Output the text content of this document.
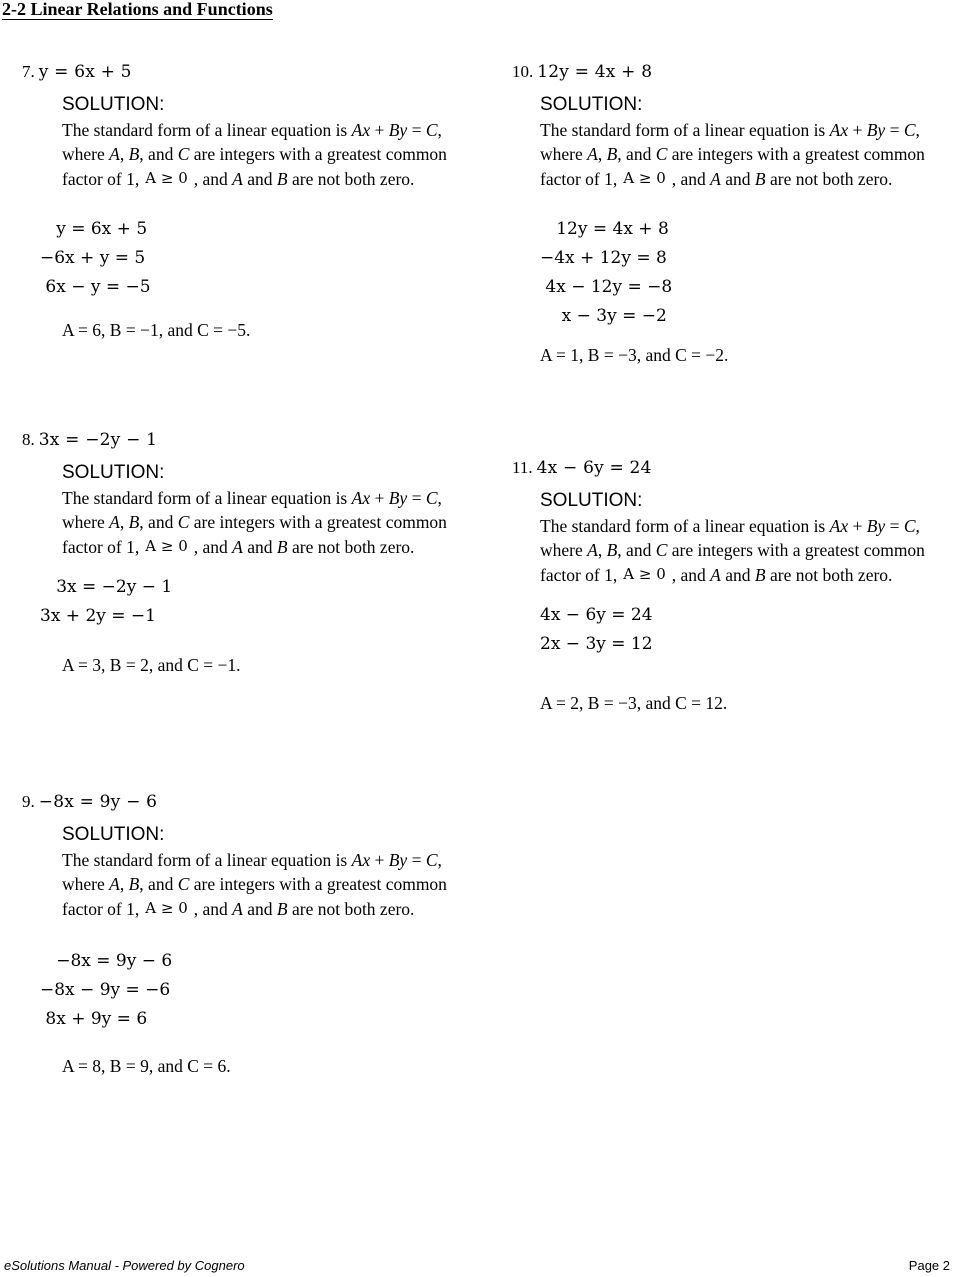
2-2 Linear Relations and Functions
7. y = 6x + 5
SOLUTION:
The standard form of a linear equation is Ax + By = C, where A, B, and C are integers with a greatest common factor of 1, A ≥ 0 , and A and B are not both zero.
y = 6x + 5
−6x + y = 5
6x − y = −5
A = 6, B = −1, and C = −5.
8. 3x = −2y − 1
SOLUTION:
The standard form of a linear equation is Ax + By = C, where A, B, and C are integers with a greatest common factor of 1, A ≥ 0 , and A and B are not both zero.
3x = −2y − 1
3x + 2y = −1
A = 3, B = 2, and C = −1.
9. −8x = 9y − 6
SOLUTION:
The standard form of a linear equation is Ax + By = C, where A, B, and C are integers with a greatest common factor of 1, A ≥ 0 , and A and B are not both zero.
−8x = 9y − 6
−8x − 9y = −6
8x + 9y = 6
A = 8, B = 9, and C = 6.
10. 12y = 4x + 8
SOLUTION:
The standard form of a linear equation is Ax + By = C, where A, B, and C are integers with a greatest common factor of 1, A ≥ 0 , and A and B are not both zero.
12y = 4x + 8
−4x + 12y = 8
4x − 12y = −8
x − 3y = −2
A = 1, B = −3, and C = −2.
11. 4x − 6y = 24
SOLUTION:
The standard form of a linear equation is Ax + By = C, where A, B, and C are integers with a greatest common factor of 1, A ≥ 0 , and A and B are not both zero.
4x − 6y = 24
2x − 3y = 12
A = 2, B = −3, and C = 12.
eSolutions Manual - Powered by Cognero	Page 2
